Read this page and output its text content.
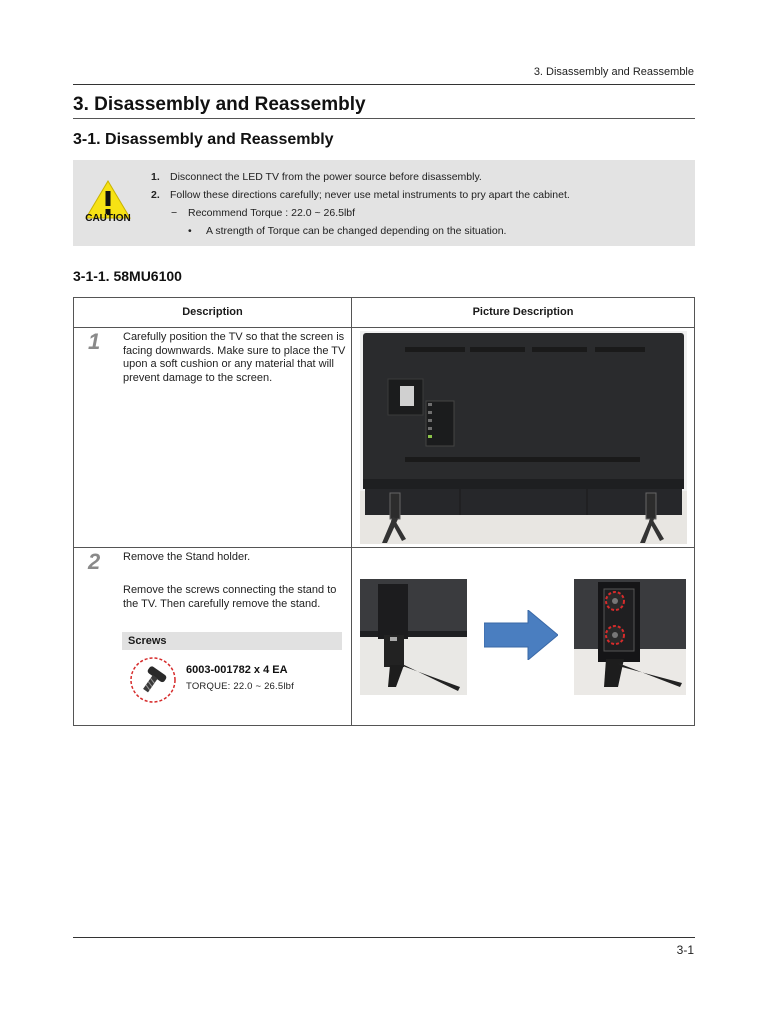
3. Disassembly and Reassemble
3. Disassembly and Reassembly
3-1. Disassembly and Reassembly
CAUTION
1. Disconnect the LED TV from the power source before disassembly.
2. Follow these directions carefully; never use metal instruments to pry apart the cabinet.
− Recommend Torque : 22.0 ~ 26.5lbf
• A strength of Torque can be changed depending on the situation.
3-1-1. 58MU6100
Description	Picture Description
1 Carefully position the TV so that the screen is facing downwards. Make sure to place the TV upon a soft cushion or any material that will prevent damage to the screen.
2 Remove the Stand holder.
Remove the screws connecting the stand to the TV. Then carefully remove the stand.
Screws
6003-001782 x 4 EA
TORQUE: 22.0 ~ 26.5lbf
3-1
